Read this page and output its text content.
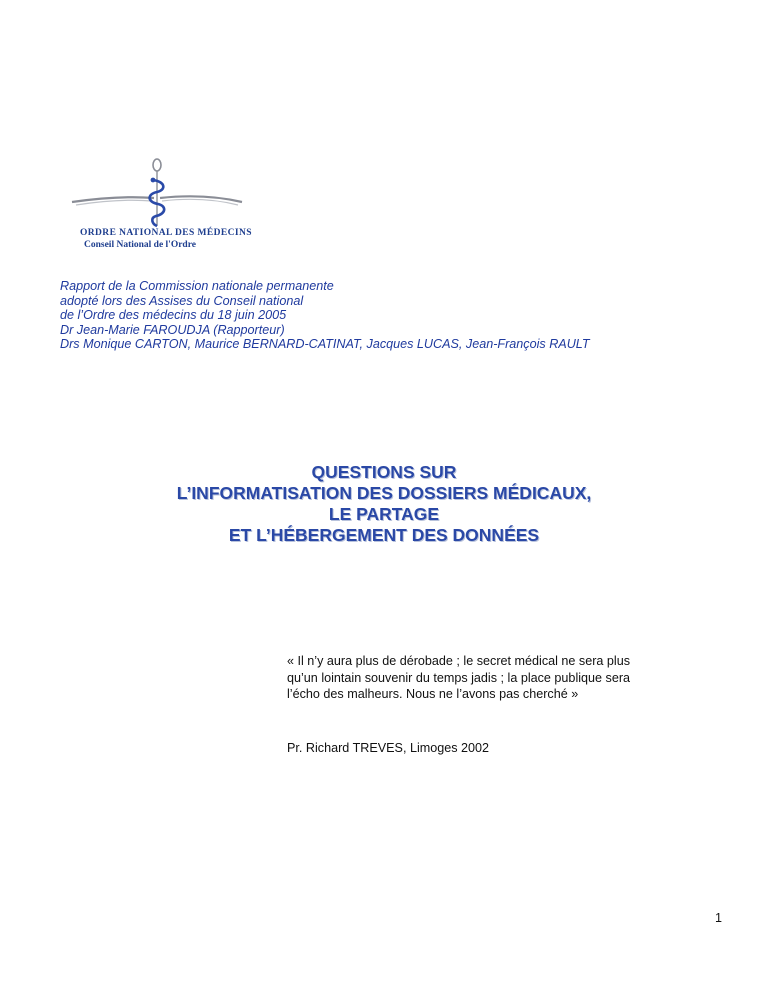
ORDRE NATIONAL DES MÉDECINS
Conseil National de l'Ordre
Rapport de la Commission nationale permanente
adopté lors des Assises du Conseil national
de l’Ordre des médecins du 18 juin 2005
Dr Jean-Marie FAROUDJA (Rapporteur)
Drs Monique CARTON, Maurice BERNARD-CATINAT, Jacques LUCAS, Jean-François RAULT
QUESTIONS SUR
L’INFORMATISATION DES DOSSIERS MÉDICAUX,
LE PARTAGE
ET L’HÉBERGEMENT DES DONNÉES
« Il n’y aura plus de dérobade ; le secret médical ne sera plus
qu’un lointain souvenir du temps jadis ; la place publique sera
l’écho des malheurs. Nous ne l’avons pas cherché »
Pr. Richard TREVES, Limoges 2002
1
